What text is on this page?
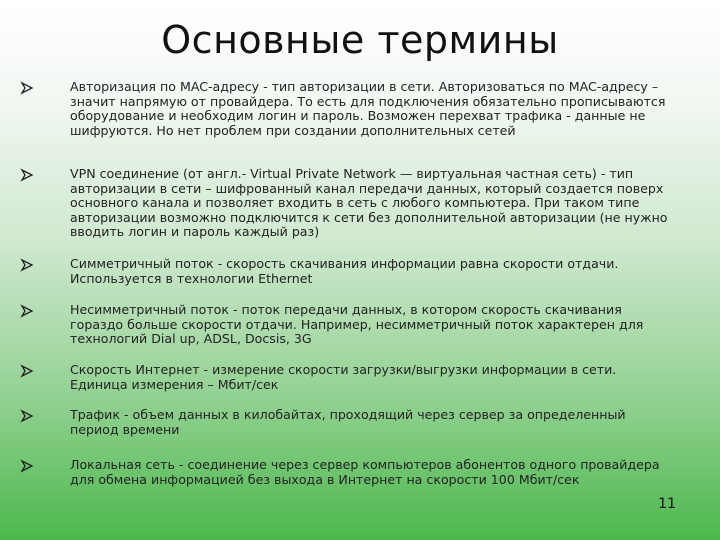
Основные термины
Авторизация по MAC-адресу - тип авторизации в сети. Авторизоваться по MAC-адресу – значит напрямую от провайдера. То есть для подключения обязательно прописываются оборудование и необходим логин и пароль. Возможен перехват трафика - данные не шифруются. Но нет проблем при создании дополнительных сетей
VPN соединение (от англ.- Virtual Private Network — виртуальная частная сеть) - тип авторизации в сети – шифрованный канал передачи данных, который создается поверх основного канала и позволяет входить в сеть с любого компьютера. При таком типе авторизации возможно подключится к сети без дополнительной авторизации (не нужно вводить логин и пароль каждый раз)
Симметричный поток - скорость скачивания информации равна скорости отдачи. Используется в технологии Ethernet
Несимметричный поток - поток передачи данных, в котором скорость скачивания гораздо больше скорости отдачи. Например, несимметричный поток характерен для технологий Dial up, ADSL, Docsis, 3G
Скорость Интернет - измерение скорости загрузки/выгрузки информации в сети. Единица измерения – Мбит/сек
Трафик - объем данных в килобайтах, проходящий через сервер за определенный период времени
Локальная сеть - соединение через сервер компьютеров абонентов одного провайдера для обмена информацией без выхода в Интернет на скорости 100 Мбит/сек
11
